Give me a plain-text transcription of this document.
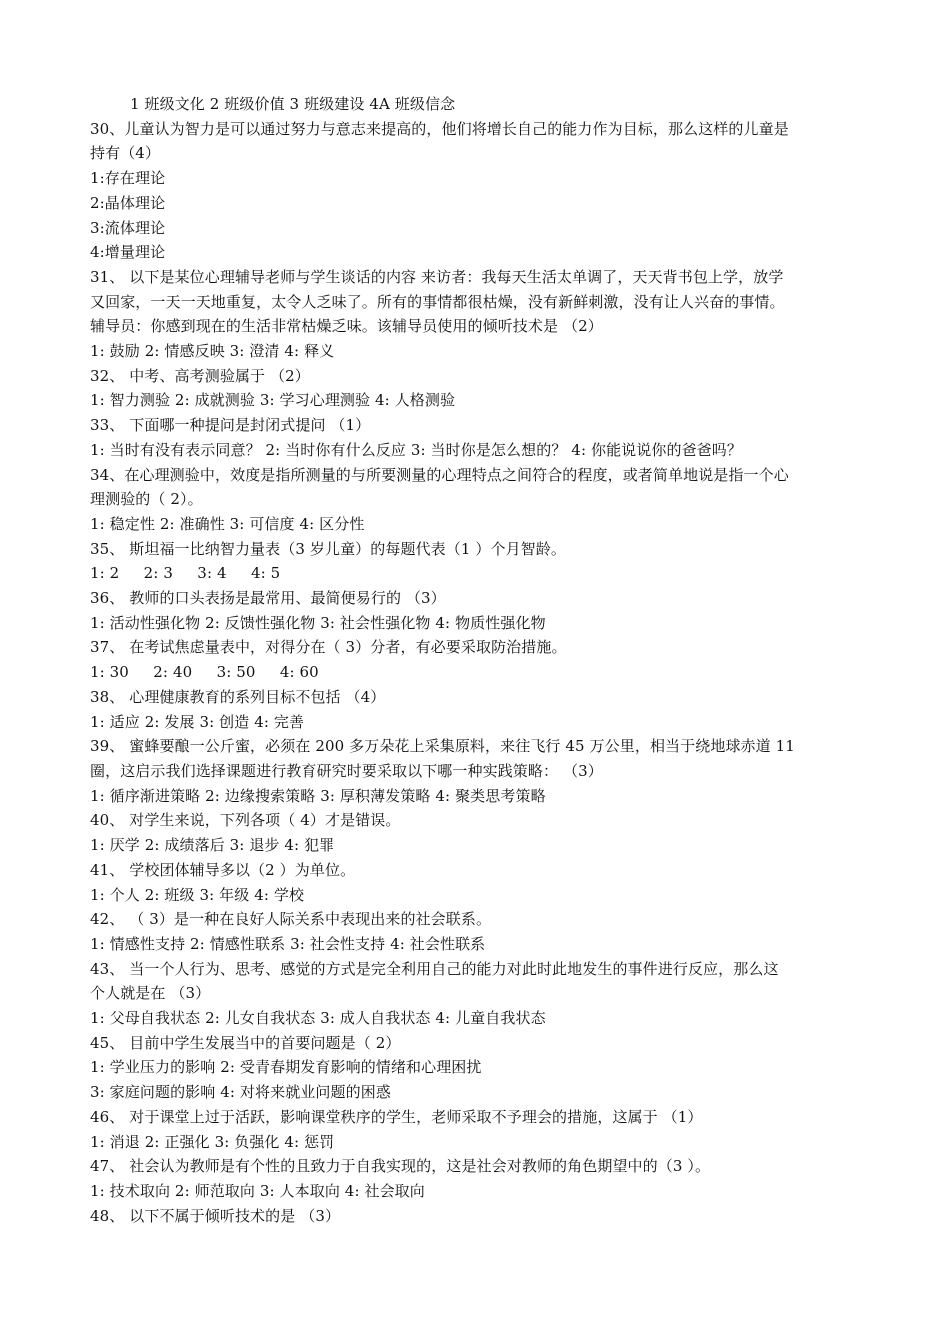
1 班级文化 2 班级价值 3 班级建设 4A 班级信念
30、儿童认为智力是可以通过努力与意志来提高的，他们将增长自己的能力作为目标，那么这样的儿童是
持有（4）
1:存在理论
2:晶体理论
3:流体理论
4:增量理论
31、 以下是某位心理辅导老师与学生谈话的内容 来访者：我每天生活太单调了，天天背书包上学，放学
又回家，一天一天地重复，太令人乏味了。所有的事情都很枯燥，没有新鲜刺激，没有让人兴奋的事情。
辅导员：你感到现在的生活非常枯燥乏味。该辅导员使用的倾听技术是 （2）
1: 鼓励 2: 情感反映 3: 澄清 4: 释义
32、 中考、高考测验属于 （2）
1: 智力测验 2: 成就测验 3: 学习心理测验 4: 人格测验
33、 下面哪一种提问是封闭式提问 （1）
1: 当时有没有表示同意？ 2: 当时你有什么反应 3: 当时你是怎么想的？ 4: 你能说说你的爸爸吗？
34、在心理测验中，效度是指所测量的与所要测量的心理特点之间符合的程度，或者简单地说是指一个心
理测验的（ 2）。
1: 稳定性 2: 准确性 3: 可信度 4: 区分性
35、 斯坦福一比纳智力量表（3 岁儿童）的每题代表（1 ）个月智龄。
1: 2     2: 3     3: 4     4: 5
36、 教师的口头表扬是最常用、最简便易行的 （3）
1: 活动性强化物 2: 反馈性强化物 3: 社会性强化物 4: 物质性强化物
37、 在考试焦虑量表中，对得分在（ 3）分者，有必要采取防治措施。
1: 30     2: 40     3: 50     4: 60
38、 心理健康教育的系列目标不包括 （4）
1: 适应 2: 发展 3: 创造 4: 完善
39、 蜜蜂要酿一公斤蜜，必须在 200 多万朵花上采集原料，来往飞行 45 万公里，相当于绕地球赤道 11
圈，这启示我们选择课题进行教育研究时要采取以下哪一种实践策略： （3）
1: 循序渐进策略 2: 边缘搜索策略 3: 厚积薄发策略 4: 聚类思考策略
40、 对学生来说，下列各项（ 4）才是错误。
1: 厌学 2: 成绩落后 3: 退步 4: 犯罪
41、 学校团体辅导多以（2 ）为单位。
1: 个人 2: 班级 3: 年级 4: 学校
42、 （ 3）是一种在良好人际关系中表现出来的社会联系。
1: 情感性支持 2: 情感性联系 3: 社会性支持 4: 社会性联系
43、 当一个人行为、思考、感觉的方式是完全利用自己的能力对此时此地发生的事件进行反应，那么这
个人就是在 （3）
1: 父母自我状态 2: 儿女自我状态 3: 成人自我状态 4: 儿童自我状态
45、 目前中学生发展当中的首要问题是（ 2）
1: 学业压力的影响 2: 受青春期发育影响的情绪和心理困扰
3: 家庭问题的影响 4: 对将来就业问题的困惑
46、 对于课堂上过于活跃，影响课堂秩序的学生，老师采取不予理会的措施，这属于 （1）
1: 消退 2: 正强化 3: 负强化 4: 惩罚
47、 社会认为教师是有个性的且致力于自我实现的，这是社会对教师的角色期望中的（3 ）。
1: 技术取向 2: 师范取向 3: 人本取向 4: 社会取向
48、 以下不属于倾听技术的是 （3）
